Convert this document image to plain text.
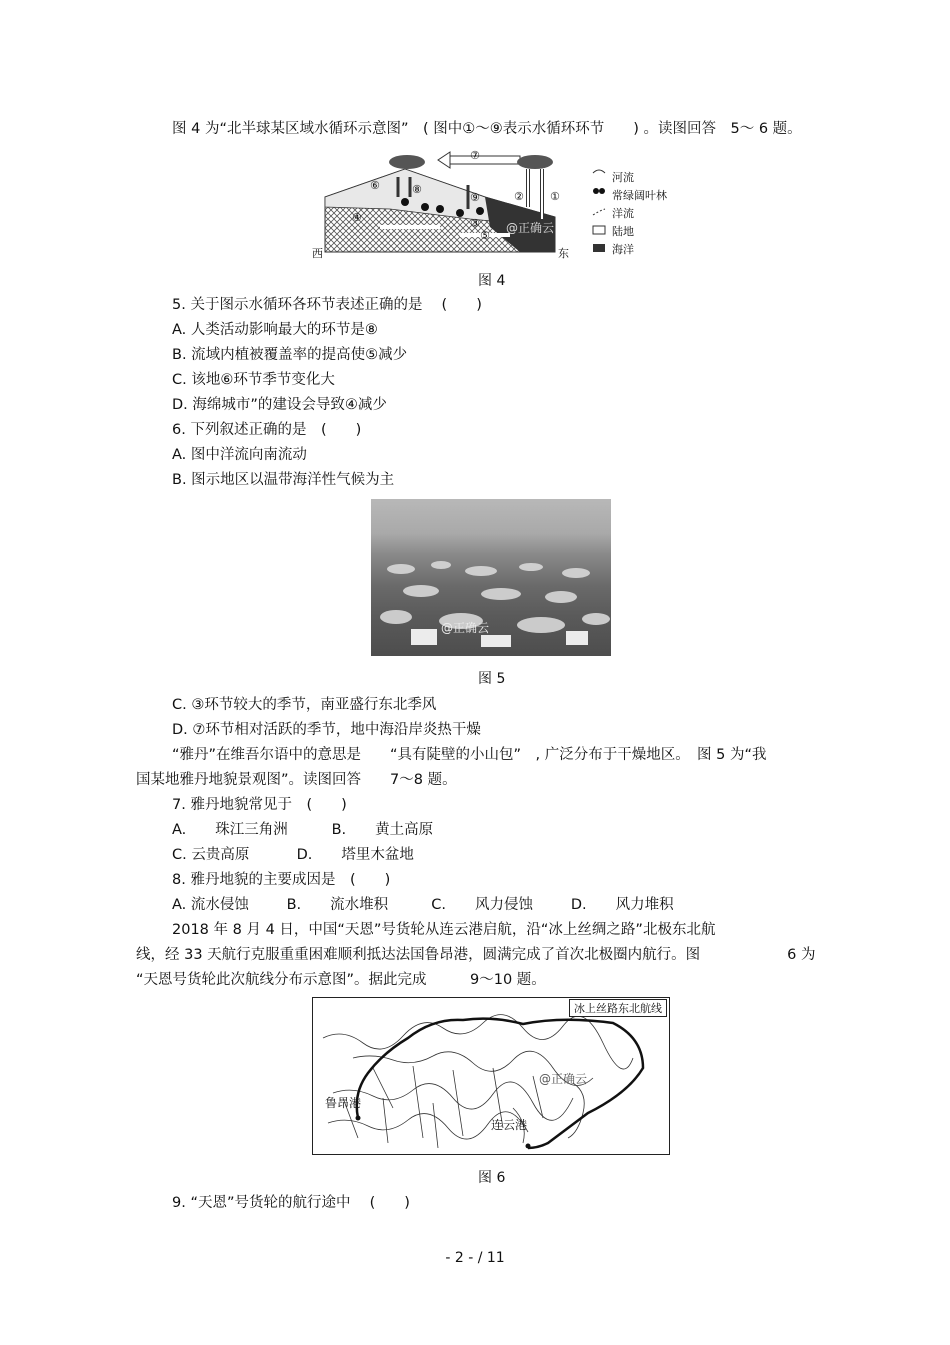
图 4 为“北半球某区域水循环示意图”　( 图中①～⑨表示水循环环节　　) 。读图回答　5～ 6 题。
河流
常绿阔叶林
洋流
陆地
海洋
①
②
③
④
⑤
⑥
⑦
⑧
⑨
西	东
@正确云
图 4
5. 关于图示水循环各环节表述正确的是　 (　　)
A. 人类活动影响最大的环节是⑧
B. 流域内植被覆盖率的提高使⑤减少
C. 该地⑥环节季节变化大
D. 海绵城市”的建设会导致④减少
6. 下列叙述正确的是　(　　)
A. 图中洋流向南流动
B. 图示地区以温带海洋性气候为主
@正确云
图 5
C. ③环节较大的季节，南亚盛行东北季风
D. ⑦环节相对活跃的季节，地中海沿岸炎热干燥
“雅丹”在维吾尔语中的意思是　　“具有陡壁的小山包”　, 广泛分布于干燥地区。　图 5 为“我
国某地雅丹地貌景观图”。读图回答　　7～8 题。
7. 雅丹地貌常见于　(　　)
A.　　珠江三角洲	B.　　黄土高原
C. 云贵高原	D.　　塔里木盆地
8. 雅丹地貌的主要成因是　(　　)
A. 流水侵蚀	B.　　流水堆积	C.　　风力侵蚀	D.　　风力堆积
2018 年 8 月 4 日，中国“天恩”号货轮从连云港启航，沿“冰上丝绸之路”北极东北航
线，经 33 天航行克服重重困难顺利抵达法国鲁昂港，圆满完成了首次北极圈内航行。图　　　　　　6 为
“天恩号货轮此次航线分布示意图”。据此完成　　　9～10 题。
冰上丝路东北航线
鲁昂港
连云港
@正确云
图 6
9. “天恩”号货轮的航行途中　 (　　)
- 2 - / 11
